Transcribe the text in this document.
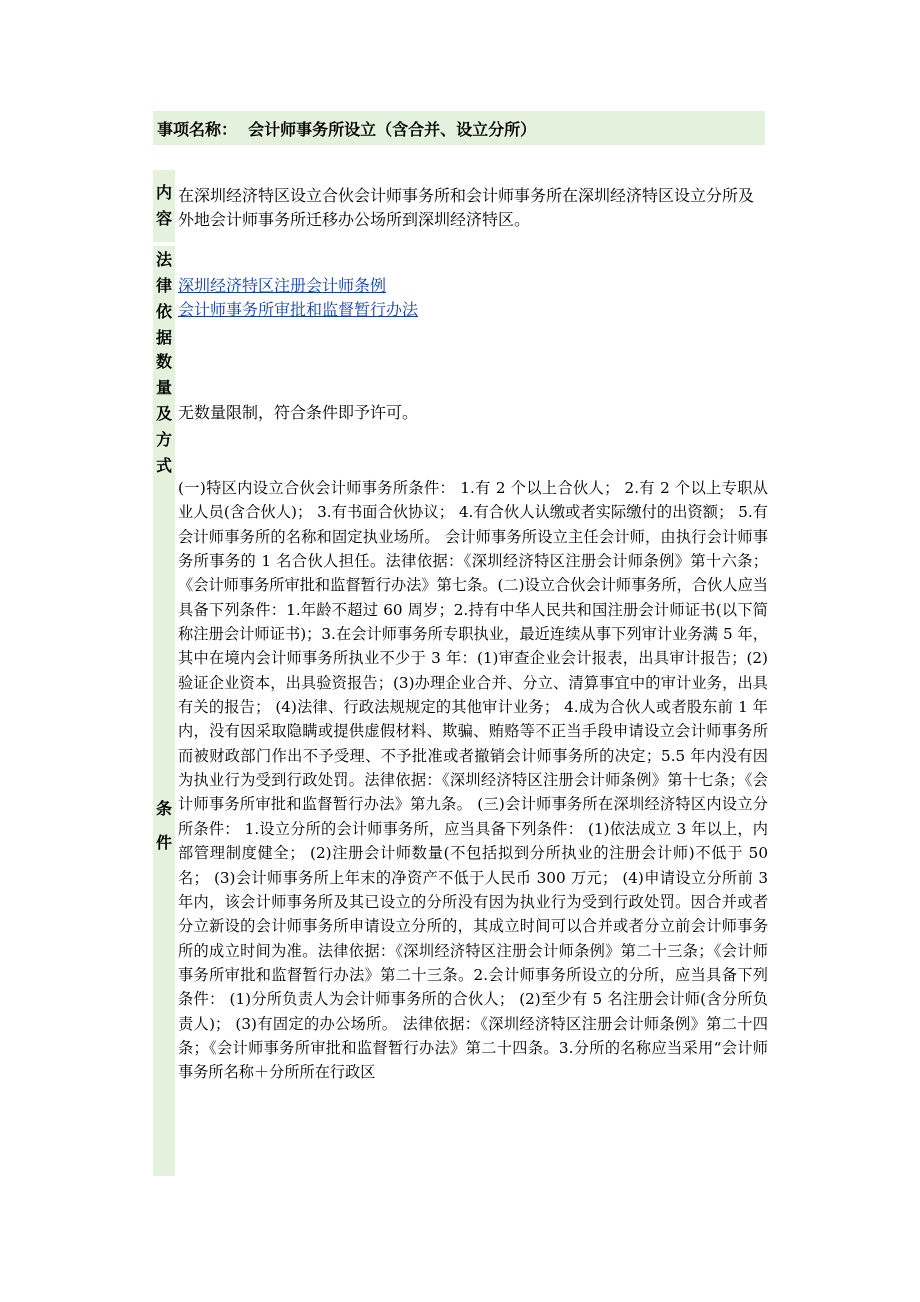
事项名称：  会计师事务所设立（含合并、设立分所）
内
容
在深圳经济特区设立合伙会计师事务所和会计师事务所在深圳经济特区设立分所及外地会计师事务所迁移办公场所到深圳经济特区。
法
律
依
据
深圳经济特区注册会计师条例
会计师事务所审批和监督暂行办法
数
量
及
方
式
无数量限制，符合条件即予许可。
条
件
(一)特区内设立合伙会计师事务所条件： 1.有 2 个以上合伙人； 2.有 2 个以上专职从业人员(含合伙人)； 3.有书面合伙协议； 4.有合伙人认缴或者实际缴付的出资额； 5.有会计师事务所的名称和固定执业场所。 会计师事务所设立主任会计师，由执行会计师事务所事务的 1 名合伙人担任。法律依据：《深圳经济特区注册会计师条例》第十六条；《会计师事务所审批和监督暂行办法》第七条。(二)设立合伙会计师事务所，合伙人应当具备下列条件：1.年龄不超过 60 周岁；2.持有中华人民共和国注册会计师证书(以下简称注册会计师证书)；3.在会计师事务所专职执业，最近连续从事下列审计业务满 5 年，其中在境内会计师事务所执业不少于 3 年：(1)审查企业会计报表，出具审计报告；(2)验证企业资本，出具验资报告；(3)办理企业合并、分立、清算事宜中的审计业务，出具有关的报告； (4)法律、行政法规规定的其他审计业务； 4.成为合伙人或者股东前 1 年内，没有因采取隐瞒或提供虚假材料、欺骗、贿赂等不正当手段申请设立会计师事务所而被财政部门作出不予受理、不予批准或者撤销会计师事务所的决定；5.5 年内没有因为执业行为受到行政处罚。法律依据：《深圳经济特区注册会计师条例》第十七条；《会计师事务所审批和监督暂行办法》第九条。 (三)会计师事务所在深圳经济特区内设立分所条件： 1.设立分所的会计师事务所，应当具备下列条件： (1)依法成立 3 年以上，内部管理制度健全； (2)注册会计师数量(不包括拟到分所执业的注册会计师)不低于 50 名； (3)会计师事务所上年末的净资产不低于人民币 300 万元； (4)申请设立分所前 3 年内，该会计师事务所及其已设立的分所没有因为执业行为受到行政处罚。因合并或者分立新设的会计师事务所申请设立分所的，其成立时间可以合并或者分立前会计师事务所的成立时间为准。法律依据：《深圳经济特区注册会计师条例》第二十三条；《会计师事务所审批和监督暂行办法》第二十三条。2.会计师事务所设立的分所，应当具备下列条件： (1)分所负责人为会计师事务所的合伙人； (2)至少有 5 名注册会计师(含分所负责人)； (3)有固定的办公场所。 法律依据：《深圳经济特区注册会计师条例》第二十四条；《会计师事务所审批和监督暂行办法》第二十四条。3.分所的名称应当采用“会计师事务所名称＋分所所在行政区
